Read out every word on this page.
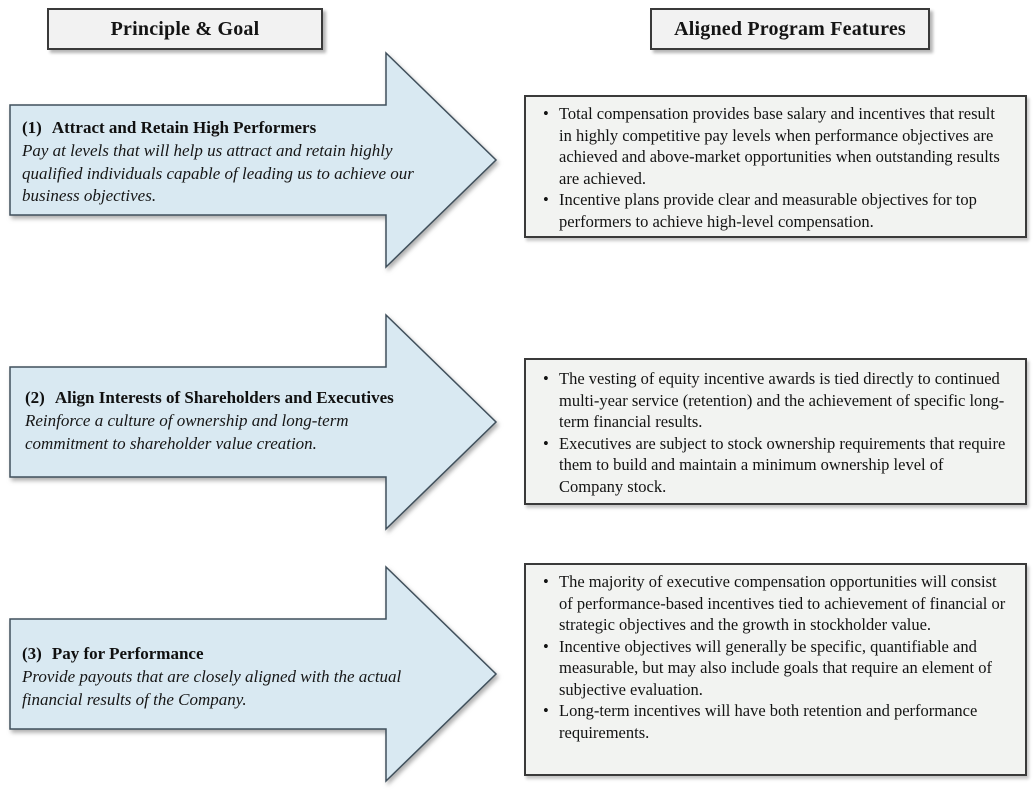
Principle & Goal	Aligned Program Features
(1) Attract and Retain High Performers
Pay at levels that will help us attract and retain highly qualified individuals capable of leading us to achieve our business objectives.
• Total compensation provides base salary and incentives that result in highly competitive pay levels when performance objectives are achieved and above-market opportunities when outstanding results are achieved.
• Incentive plans provide clear and measurable objectives for top performers to achieve high-level compensation.
(2) Align Interests of Shareholders and Executives
Reinforce a culture of ownership and long-term commitment to shareholder value creation.
• The vesting of equity incentive awards is tied directly to continued multi-year service (retention) and the achievement of specific long-term financial results.
• Executives are subject to stock ownership requirements that require them to build and maintain a minimum ownership level of Company stock.
(3) Pay for Performance
Provide payouts that are closely aligned with the actual financial results of the Company.
• The majority of executive compensation opportunities will consist of performance-based incentives tied to achievement of financial or strategic objectives and the growth in stockholder value.
• Incentive objectives will generally be specific, quantifiable and measurable, but may also include goals that require an element of subjective evaluation.
• Long-term incentives will have both retention and performance requirements.
